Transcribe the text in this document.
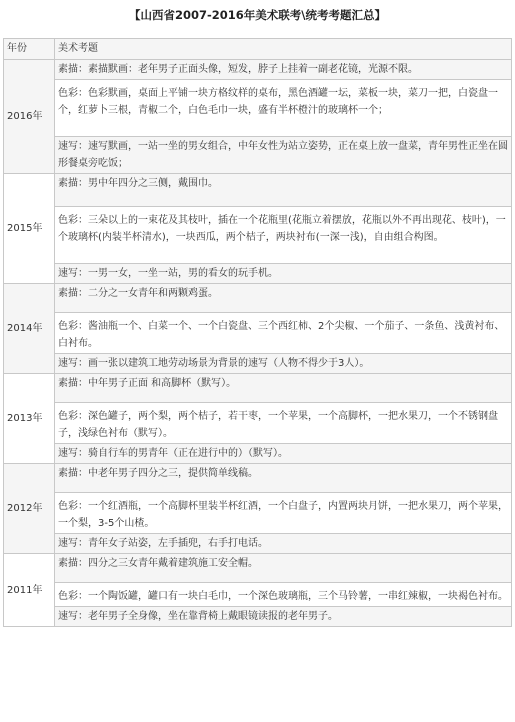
【山西省2007-2016年美术联考\统考考题汇总】
年份	美术考题
2016年	素描：素描默画：老年男子正面头像，短发，脖子上挂着一副老花镜，光源不限。
	色彩：色彩默画，桌面上平铺一块方格纹样的桌布，黑色酒罐一坛，菜板一块，菜刀一把，白瓷盘一个，红萝卜三根，青椒二个，白色毛巾一块，盛有半杯橙汁的玻璃杯一个；
	速写：速写默画，一站一坐的男女组合，中年女性为站立姿势，正在桌上放一盘菜，青年男性正坐在圆形餐桌旁吃饭；
2015年	素描：男中年四分之三侧，戴围巾。
	色彩：三朵以上的一束花及其枝叶，插在一个花瓶里(花瓶立着摆放，花瓶以外不再出现花、枝叶)，一个玻璃杯(内装半杯清水)，一块西瓜，两个桔子，两块衬布(一深一浅)，自由组合构图。
	速写：一男一女，一坐一站，男的看女的玩手机。
2014年	素描：二分之一女青年和两颗鸡蛋。
	色彩：酱油瓶一个、白菜一个、一个白瓷盘、三个西红柿、2个尖椒、一个茄子、一条鱼、浅黄衬布、白衬布。
	速写：画一张以建筑工地劳动场景为背景的速写（人物不得少于3人）。
2013年	素描：中年男子正面 和高脚杯（默写）。
	色彩：深色罐子，两个梨，两个桔子，若干枣，一个苹果，一个高脚杯，一把水果刀，一个不锈钢盘子，浅绿色衬布（默写）。
	速写：骑自行车的男青年（正在进行中的）（默写）。
2012年	素描：中老年男子四分之三，提供简单线稿。
	色彩：一个红酒瓶，一个高脚杯里装半杯红酒，一个白盘子，内置两块月饼，一把水果刀，两个苹果，一个梨，3-5个山楂。
	速写：青年女子站姿，左手插兜，右手打电话。
2011年	素描：四分之三女青年戴着建筑施工安全帽。
	色彩：一个陶饭罐，罐口有一块白毛巾，一个深色玻璃瓶，三个马铃薯，一串红辣椒，一块褐色衬布。
	速写：老年男子全身像，坐在靠背椅上戴眼镜读报的老年男子。
